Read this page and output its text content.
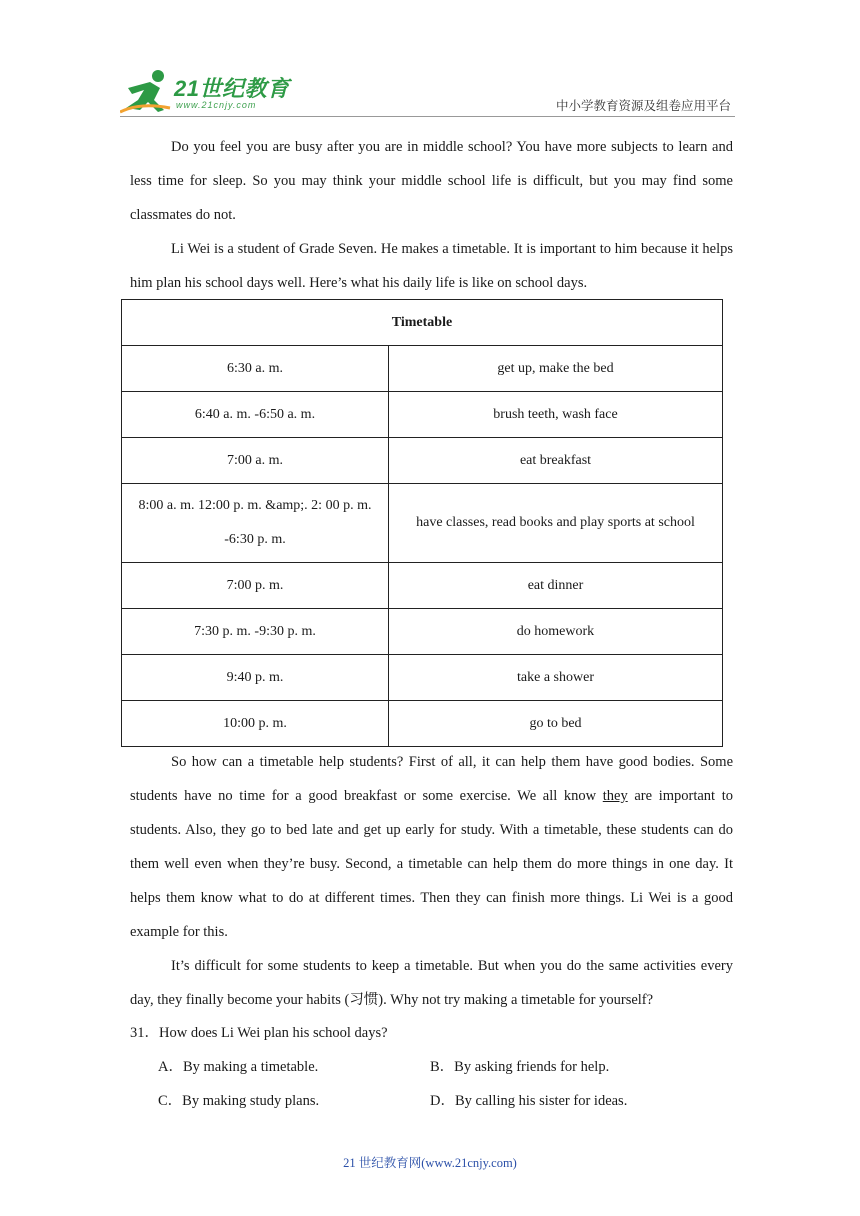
21世纪教育
www.21cnjy.com	中小学教育资源及组卷应用平台

Do you feel you are busy after you are in middle school? You have more subjects to learn and less time for sleep. So you may think your middle school life is difficult, but you may find some classmates do not.

Li Wei is a student of Grade Seven. He makes a timetable. It is important to him because it helps him plan his school days well. Here’s what his daily life is like on school days.

Timetable	
6:30 a. m.	get up, make the bed
6:40 a. m. -6:50 a. m.	brush teeth, wash face
7:00 a. m.	eat breakfast
8:00 a. m. 12:00 p. m. &amp;. 2: 00 p. m. -6:30 p. m.	have classes, read books and play sports at school
7:00 p. m.	eat dinner
7:30 p. m. -9:30 p. m.	do homework
9:40 p. m.	take a shower
10:00 p. m.	go to bed

So how can a timetable help students? First of all, it can help them have good bodies. Some students have no time for a good breakfast or some exercise. We all know they are important to students. Also, they go to bed late and get up early for study. With a timetable, these students can do them well even when they’re busy. Second, a timetable can help them do more things in one day. It helps them know what to do at different times. Then they can finish more things. Li Wei is a good example for this.

It’s difficult for some students to keep a timetable. But when you do the same activities every day, they finally become your habits (习惯). Why not try making a timetable for yourself?

31．How does Li Wei plan his school days?
A．By making a timetable.	B．By asking friends for help.
C．By making study plans.	D．By calling his sister for ideas.
21 世纪教育网(www.21cnjy.com)
